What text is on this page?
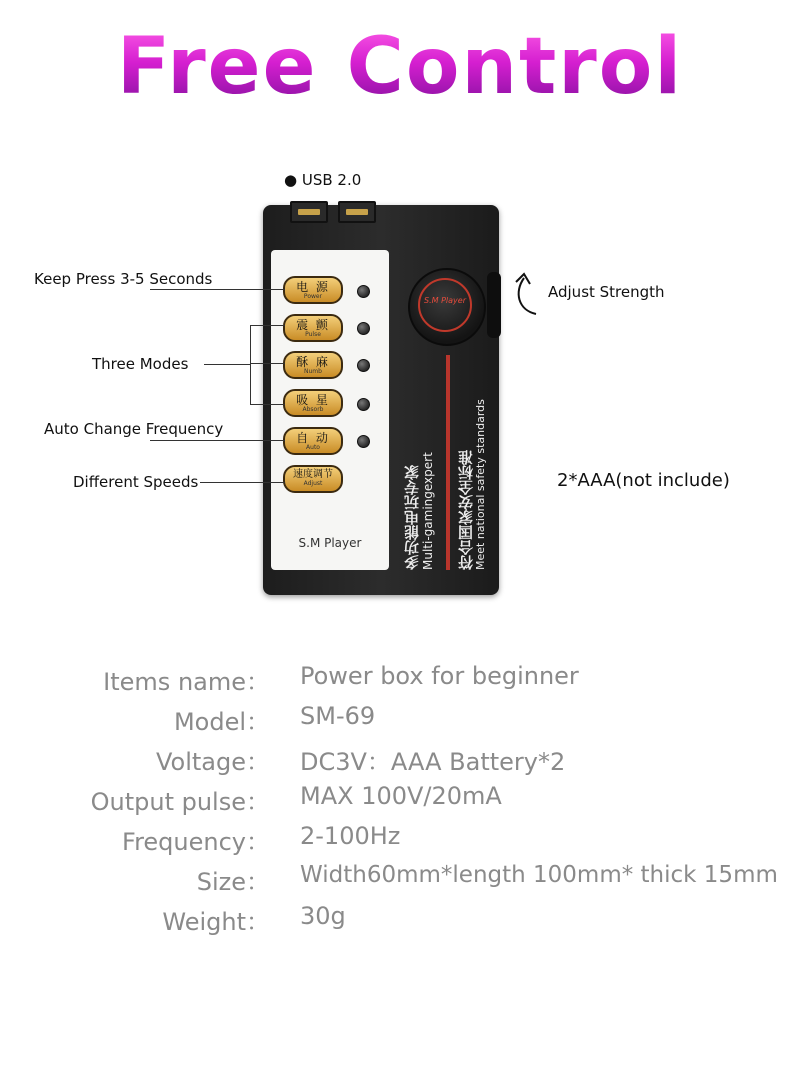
Free Control
● USB 2.0
电 源
Power
震 颤
Pulse
酥 麻
Numb
吸 星
Absorb
自 动
Auto
速度调节
Adjust
S.M Player
S.M Player
多功能电玩专家 Multi-gamingexpert 符合国家安全标准 Meet national safety standards
Keep Press 3-5 Seconds
Three Modes
Auto Change Frequency
Different Speeds
Adjust Strength
2*AAA(not include)
Items name： Power box for beginner
Model： SM-69
Voltage： DC3V：AAA Battery*2
Output pulse： MAX 100V/20mA
Frequency： 2-100Hz
Size： Width60mm*length 100mm* thick 15mm
Weight： 30g
